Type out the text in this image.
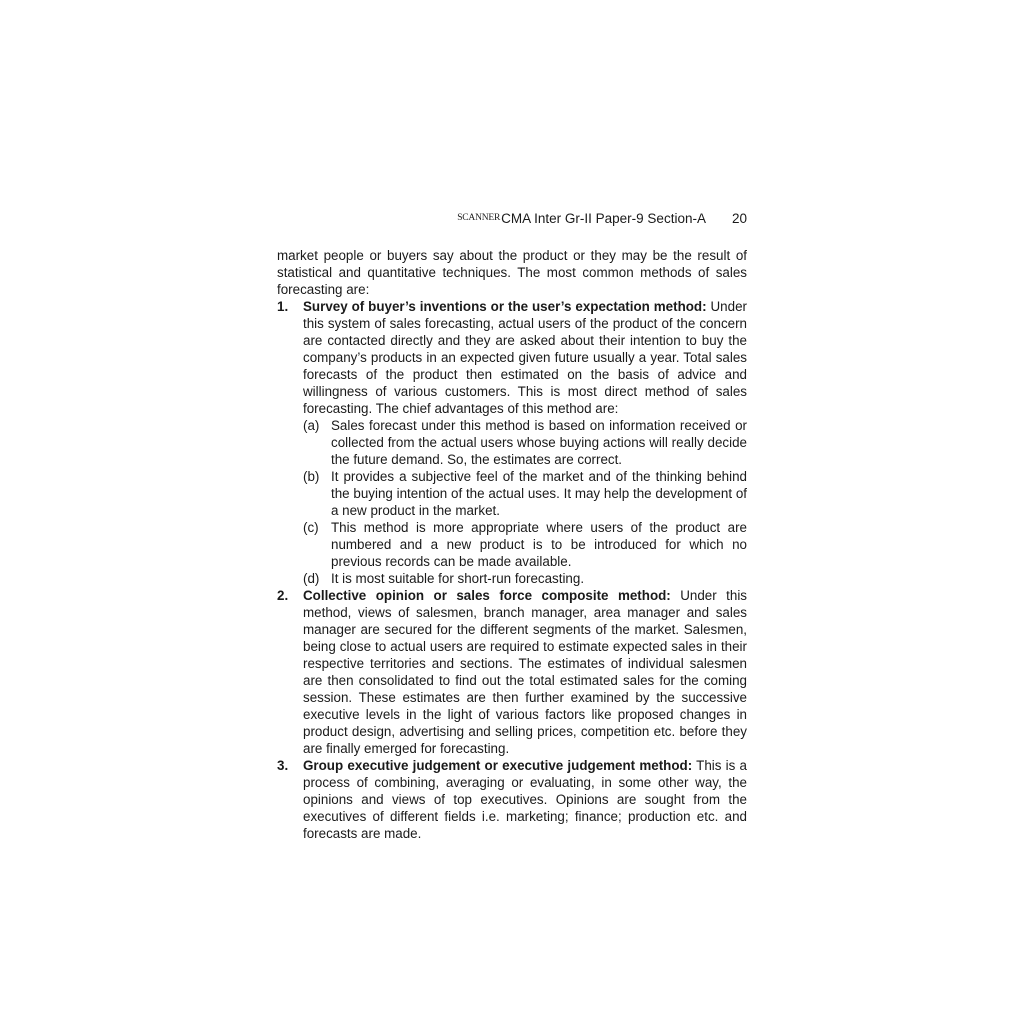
SCANNER CMA Inter Gr-II Paper-9 Section-A 20

market people or buyers say about the product or they may be the result of statistical and quantitative techniques. The most common methods of sales forecasting are:

1.	Survey of buyer’s inventions or the user’s expectation method: Under this system of sales forecasting, actual users of the product of the concern are contacted directly and they are asked about their intention to buy the company’s products in an expected given future usually a year. Total sales forecasts of the product then estimated on the basis of advice and willingness of various customers. This is most direct method of sales forecasting. The chief advantages of this method are:

(a) Sales forecast under this method is based on information received or collected from the actual users whose buying actions will really decide the future demand. So, the estimates are correct.
(b) It provides a subjective feel of the market and of the thinking behind the buying intention of the actual uses. It may help the development of a new product in the market.
(c) This method is more appropriate where users of the product are numbered and a new product is to be introduced for which no previous records can be made available.
(d) It is most suitable for short-run forecasting.
2.	Collective opinion or sales force composite method: Under this method, views of salesmen, branch manager, area manager and sales manager are secured for the different segments of the market. Salesmen, being close to actual users are required to estimate expected sales in their respective territories and sections. The estimates of individual salesmen are then consolidated to find out the total estimated sales for the coming session. These estimates are then further examined by the successive executive levels in the light of various factors like proposed changes in product design, advertising and selling prices, competition etc. before they are finally emerged for forecasting.

3.	Group executive judgement or executive judgement method: This is a process of combining, averaging or evaluating, in some other way, the opinions and views of top executives. Opinions are sought from the executives of different fields i.e. marketing; finance; production etc. and forecasts are made.
